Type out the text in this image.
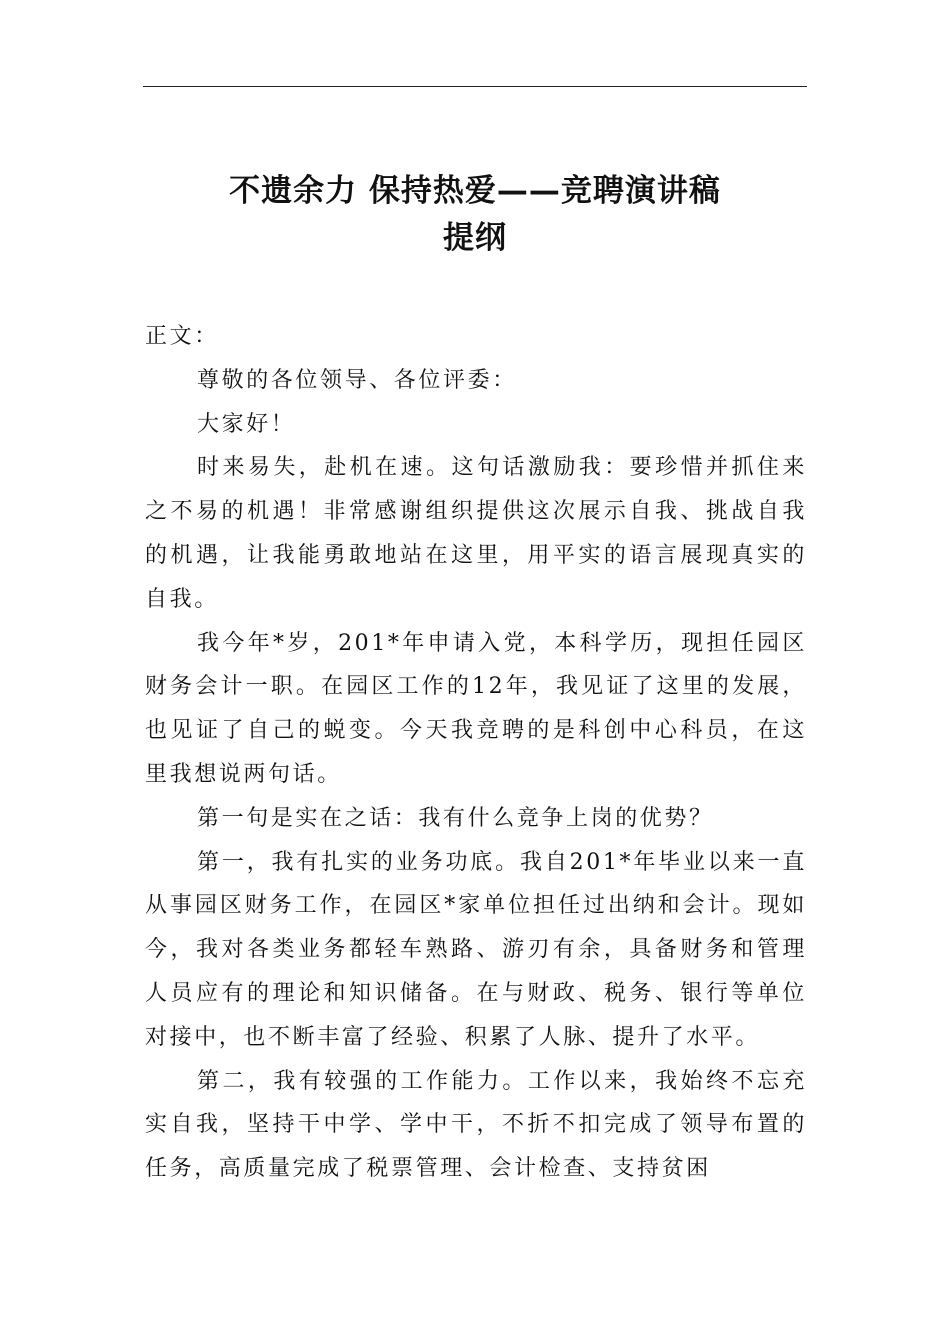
不遗余力 保持热爱——竞聘演讲稿
提纲

正文：

尊敬的各位领导、各位评委：

大家好！

时来易失，赴机在速。这句话激励我：要珍惜并抓住来之不易的机遇！非常感谢组织提供这次展示自我、挑战自我的机遇，让我能勇敢地站在这里，用平实的语言展现真实的自我。

我今年*岁，201*年申请入党，本科学历，现担任园区财务会计一职。在园区工作的12年，我见证了这里的发展，也见证了自己的蜕变。今天我竞聘的是科创中心科员，在这里我想说两句话。

第一句是实在之话：我有什么竞争上岗的优势？

第一，我有扎实的业务功底。我自201*年毕业以来一直从事园区财务工作，在园区*家单位担任过出纳和会计。现如今，我对各类业务都轻车熟路、游刃有余，具备财务和管理人员应有的理论和知识储备。在与财政、税务、银行等单位对接中，也不断丰富了经验、积累了人脉、提升了水平。

第二，我有较强的工作能力。工作以来，我始终不忘充实自我，坚持干中学、学中干，不折不扣完成了领导布置的任务，高质量完成了税票管理、会计检查、支持贫困
